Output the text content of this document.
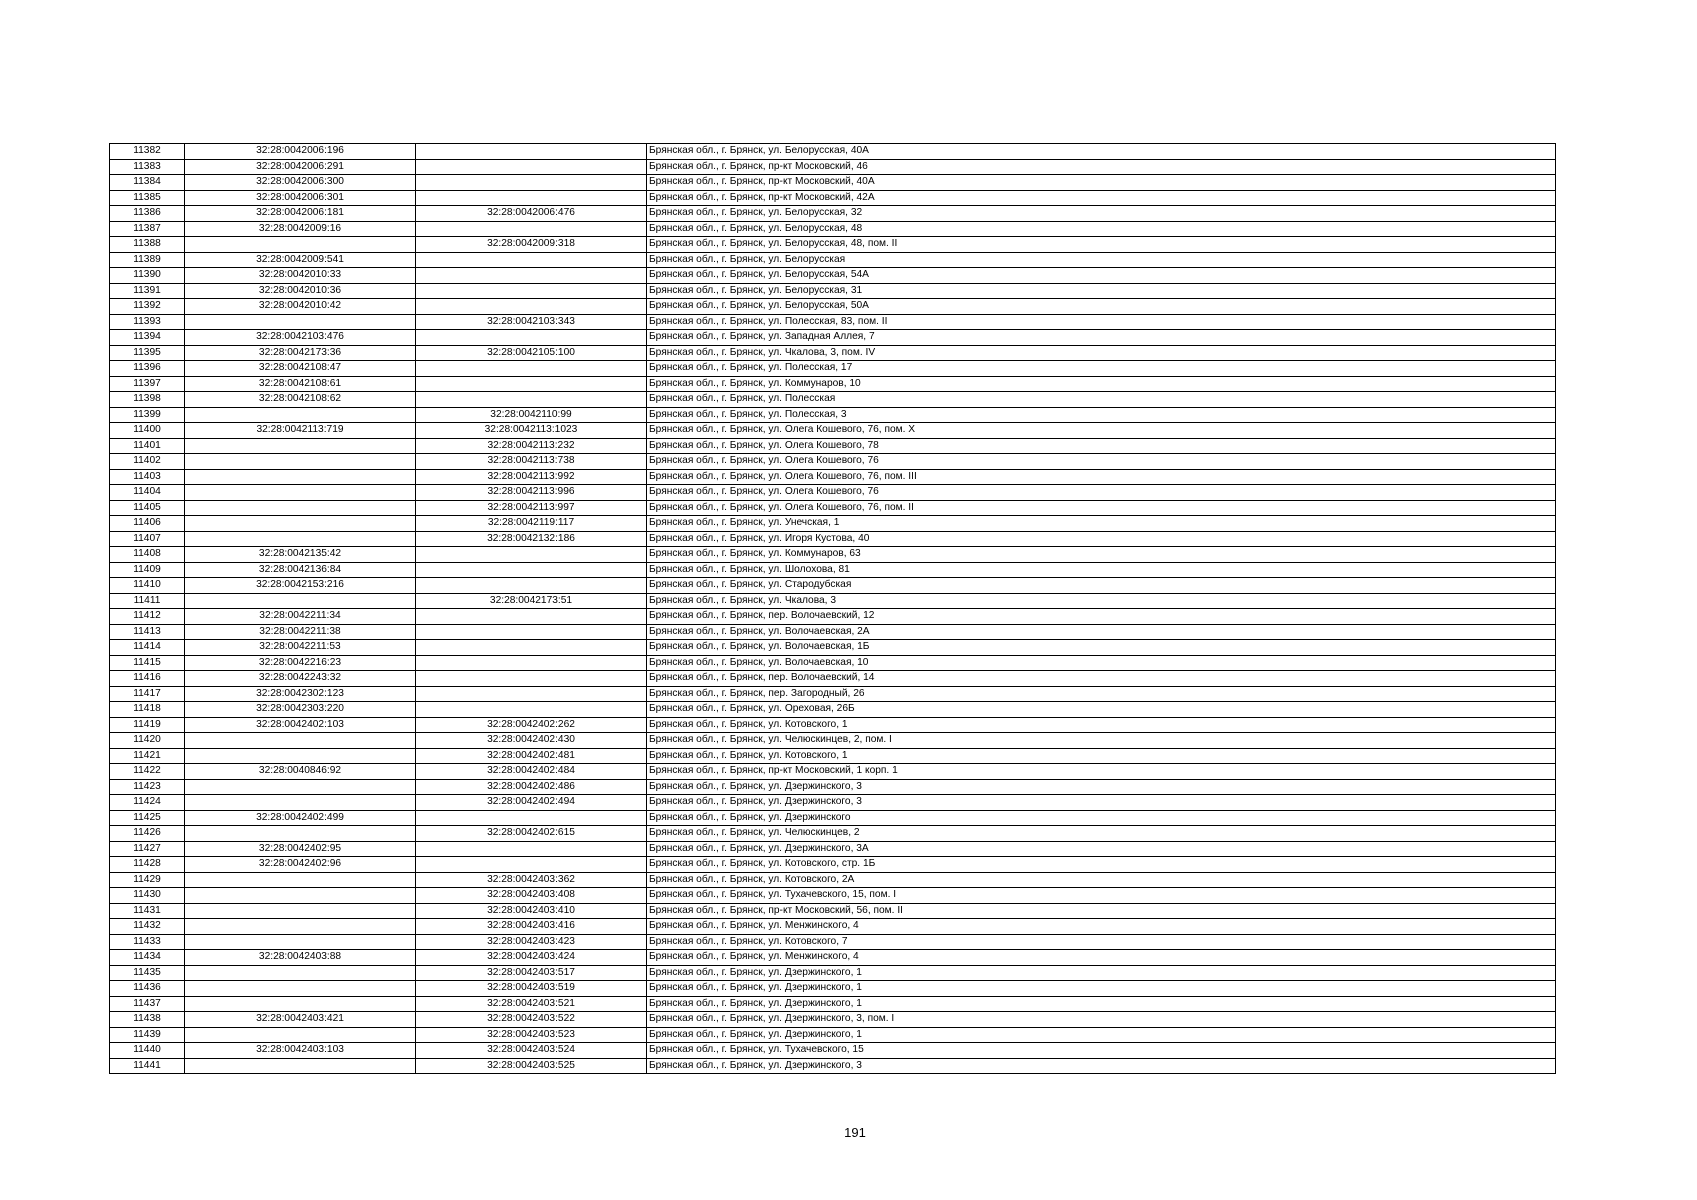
11382	32:28:0042006:196		Брянская обл., г. Брянск, ул. Белорусская, 40А
11383	32:28:0042006:291		Брянская обл., г. Брянск, пр-кт Московский, 46
11384	32:28:0042006:300		Брянская обл., г. Брянск, пр-кт Московский, 40А
11385	32:28:0042006:301		Брянская обл., г. Брянск, пр-кт Московский, 42А
11386	32:28:0042006:181	32:28:0042006:476	Брянская обл., г. Брянск, ул. Белорусская, 32
11387	32:28:0042009:16		Брянская обл., г. Брянск, ул. Белорусская, 48
11388		32:28:0042009:318	Брянская обл., г. Брянск, ул. Белорусская, 48, пом. II
11389	32:28:0042009:541		Брянская обл., г. Брянск, ул. Белорусская
11390	32:28:0042010:33		Брянская обл., г. Брянск, ул. Белорусская, 54А
11391	32:28:0042010:36		Брянская обл., г. Брянск, ул. Белорусская, 31
11392	32:28:0042010:42		Брянская обл., г. Брянск, ул. Белорусская, 50А
11393		32:28:0042103:343	Брянская обл., г. Брянск, ул. Полесская, 83, пом. II
11394	32:28:0042103:476		Брянская обл., г. Брянск, ул. Западная Аллея, 7
11395	32:28:0042173:36	32:28:0042105:100	Брянская обл., г. Брянск, ул. Чкалова, 3, пом. IV
11396	32:28:0042108:47		Брянская обл., г. Брянск, ул. Полесская, 17
11397	32:28:0042108:61		Брянская обл., г. Брянск, ул. Коммунаров, 10
11398	32:28:0042108:62		Брянская обл., г. Брянск, ул. Полесская
11399		32:28:0042110:99	Брянская обл., г. Брянск, ул. Полесская, 3
11400	32:28:0042113:719	32:28:0042113:1023	Брянская обл., г. Брянск, ул. Олега Кошевого, 76, пом. X
11401		32:28:0042113:232	Брянская обл., г. Брянск, ул. Олега Кошевого, 78
11402		32:28:0042113:738	Брянская обл., г. Брянск, ул. Олега Кошевого, 76
11403		32:28:0042113:992	Брянская обл., г. Брянск, ул. Олега Кошевого, 76, пом. III
11404		32:28:0042113:996	Брянская обл., г. Брянск, ул. Олега Кошевого, 76
11405		32:28:0042113:997	Брянская обл., г. Брянск, ул. Олега Кошевого, 76, пом. II
11406		32:28:0042119:117	Брянская обл., г. Брянск, ул. Унечская, 1
11407		32:28:0042132:186	Брянская обл., г. Брянск, ул. Игоря Кустова, 40
11408	32:28:0042135:42		Брянская обл., г. Брянск, ул. Коммунаров, 63
11409	32:28:0042136:84		Брянская обл., г. Брянск, ул. Шолохова, 81
11410	32:28:0042153:216		Брянская обл., г. Брянск, ул. Стародубская
11411		32:28:0042173:51	Брянская обл., г. Брянск, ул. Чкалова, 3
11412	32:28:0042211:34		Брянская обл., г. Брянск, пер. Волочаевский, 12
11413	32:28:0042211:38		Брянская обл., г. Брянск, ул. Волочаевская, 2А
11414	32:28:0042211:53		Брянская обл., г. Брянск, ул. Волочаевская, 1Б
11415	32:28:0042216:23		Брянская обл., г. Брянск, ул. Волочаевская, 10
11416	32:28:0042243:32		Брянская обл., г. Брянск, пер. Волочаевский, 14
11417	32:28:0042302:123		Брянская обл., г. Брянск, пер. Загородный, 26
11418	32:28:0042303:220		Брянская обл., г. Брянск, ул. Ореховая, 26Б
11419	32:28:0042402:103	32:28:0042402:262	Брянская обл., г. Брянск, ул. Котовского, 1
11420		32:28:0042402:430	Брянская обл., г. Брянск, ул. Челюскинцев, 2, пом. I
11421		32:28:0042402:481	Брянская обл., г. Брянск, ул. Котовского, 1
11422	32:28:0040846:92	32:28:0042402:484	Брянская обл., г. Брянск, пр-кт Московский, 1 корп. 1
11423		32:28:0042402:486	Брянская обл., г. Брянск, ул. Дзержинского, 3
11424		32:28:0042402:494	Брянская обл., г. Брянск, ул. Дзержинского, 3
11425	32:28:0042402:499		Брянская обл., г. Брянск, ул. Дзержинского
11426		32:28:0042402:615	Брянская обл., г. Брянск, ул. Челюскинцев, 2
11427	32:28:0042402:95		Брянская обл., г. Брянск, ул. Дзержинского, 3А
11428	32:28:0042402:96		Брянская обл., г. Брянск, ул. Котовского, стр. 1Б
11429		32:28:0042403:362	Брянская обл., г. Брянск, ул. Котовского, 2А
11430		32:28:0042403:408	Брянская обл., г. Брянск, ул. Тухачевского, 15, пом. I
11431		32:28:0042403:410	Брянская обл., г. Брянск, пр-кт Московский, 56, пом. II
11432		32:28:0042403:416	Брянская обл., г. Брянск, ул. Менжинского, 4
11433		32:28:0042403:423	Брянская обл., г. Брянск, ул. Котовского, 7
11434	32:28:0042403:88	32:28:0042403:424	Брянская обл., г. Брянск, ул. Менжинского, 4
11435		32:28:0042403:517	Брянская обл., г. Брянск, ул. Дзержинского, 1
11436		32:28:0042403:519	Брянская обл., г. Брянск, ул. Дзержинского, 1
11437		32:28:0042403:521	Брянская обл., г. Брянск, ул. Дзержинского, 1
11438	32:28:0042403:421	32:28:0042403:522	Брянская обл., г. Брянск, ул. Дзержинского, 3, пом. I
11439		32:28:0042403:523	Брянская обл., г. Брянск, ул. Дзержинского, 1
11440	32:28:0042403:103	32:28:0042403:524	Брянская обл., г. Брянск, ул. Тухачевского, 15
11441		32:28:0042403:525	Брянская обл., г. Брянск, ул. Дзержинского, 3
191
